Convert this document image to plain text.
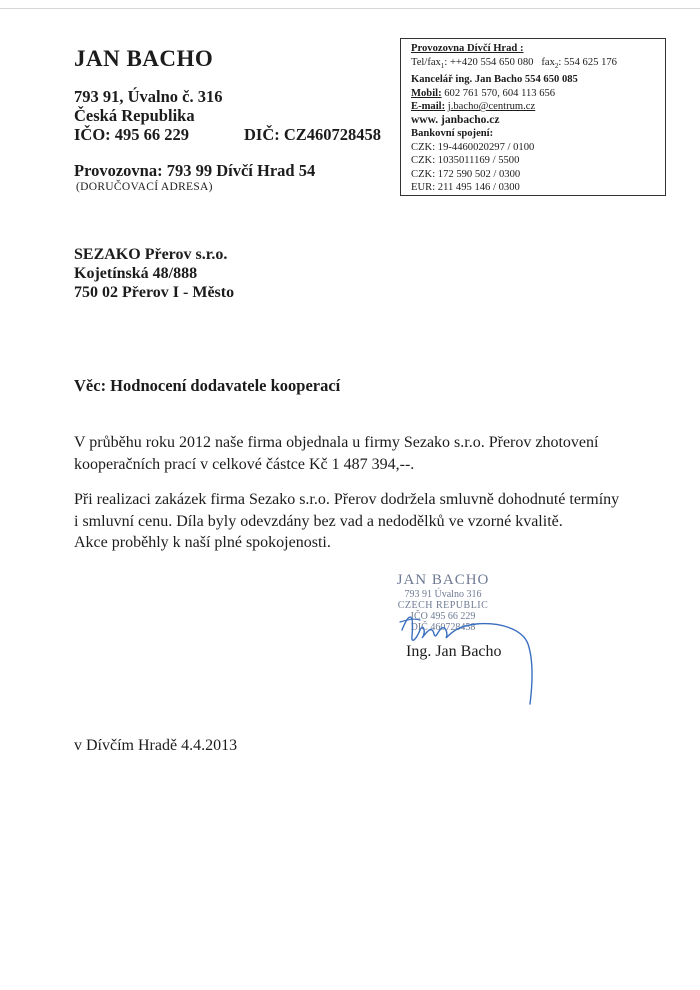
JAN BACHO
793 91, Úvalno č. 316
Česká Republika
IČO: 495 66 229	DIČ: CZ460728458
Provozovna: 793 99 Dívčí Hrad 54
(DORUČOVACÍ ADRESA)
Provozovna Dívčí Hrad :
Tel/fax$_1$: ++420 554 650 080 fax$_2$: 554 625 176
Kancelář ing. Jan Bacho 554 650 085
Mobil: 602 761 570, 604 113 656
E-mail: j.bacho@centrum.cz
www. janbacho.cz
Bankovní spojení:
CZK: 19-4460020297 / 0100
CZK: 1035011169 / 5500
CZK: 172 590 502 / 0300
EUR: 211 495 146 / 0300
SEZAKO Přerov s.r.o.
Kojetínská 48/888
750 02 Přerov I - Město
Věc: Hodnocení dodavatele kooperací
V průběhu roku 2012 naše firma objednala u firmy Sezako s.r.o. Přerov zhotovení
kooperačních prací v celkové částce Kč 1 487 394,--.
Při realizaci zakázek firma Sezako s.r.o. Přerov dodržela smluvně dohodnuté termíny
i smluvní cenu. Díla byly odevzdány bez vad a nedodělků ve vzorné kvalitě.
Akce proběhly k naší plné spokojenosti.
JAN BACHO
793 91 Úvalno 316
CZECH REPUBLIC
IČO 495 66 229
DIČ 460728458
Ing. Jan Bacho
v Dívčím Hradě 4.4.2013
